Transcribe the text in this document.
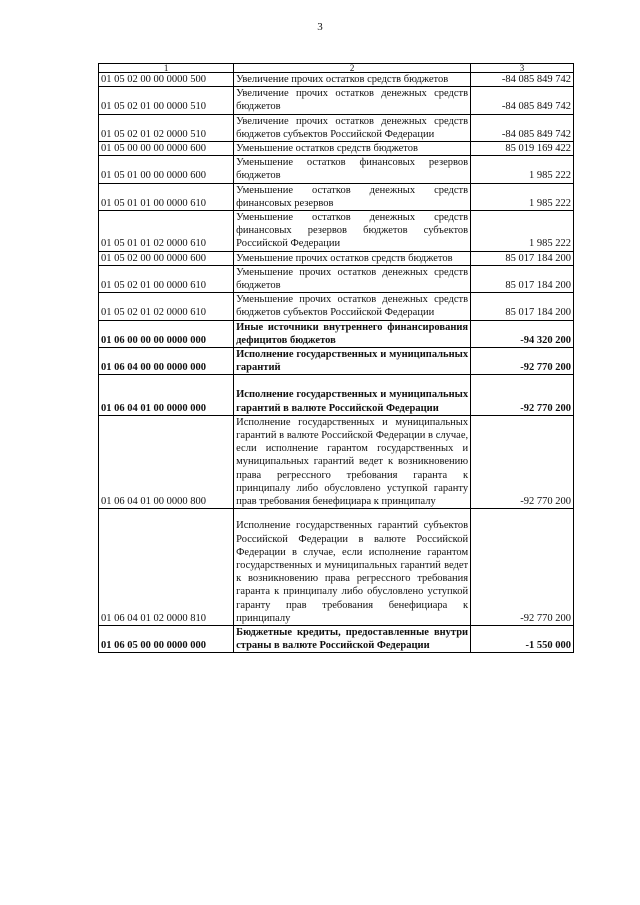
3
1	2	3
01 05 02 00 00 0000 500	Увеличение прочих остатков средств бюджетов	-84 085 849 742
01 05 02 01 00 0000 510	Увеличение прочих остатков денежных средств бюджетов	-84 085 849 742
01 05 02 01 02 0000 510	Увеличение прочих остатков денежных средств бюджетов субъектов Российской Федерации	-84 085 849 742
01 05 00 00 00 0000 600	Уменьшение остатков средств бюджетов	85 019 169 422
01 05 01 00 00 0000 600	Уменьшение остатков финансовых резервов бюджетов	1 985 222
01 05 01 01 00 0000 610	Уменьшение остатков денежных средств финансовых резервов	1 985 222
01 05 01 01 02 0000 610	Уменьшение остатков денежных средств финансовых резервов бюджетов субъектов Российской Федерации	1 985 222
01 05 02 00 00 0000 600	Уменьшение прочих остатков средств бюджетов	85 017 184 200
01 05 02 01 00 0000 610	Уменьшение прочих остатков денежных средств бюджетов	85 017 184 200
01 05 02 01 02 0000 610	Уменьшение прочих остатков денежных средств бюджетов субъектов Российской Федерации	85 017 184 200
01 06 00 00 00 0000 000	Иные источники внутреннего финансирования дефицитов бюджетов	-94 320 200
01 06 04 00 00 0000 000	Исполнение государственных и муниципальных гарантий	-92 770 200
01 06 04 01 00 0000 000	Исполнение государственных и муниципальных гарантий в валюте Российской Федерации	-92 770 200
01 06 04 01 00 0000 800	Исполнение государственных и муниципальных гарантий в валюте Российской Федерации в случае, если исполнение гарантом государственных и муниципальных гарантий ведет к возникновению права регрессного требования гаранта к принципалу либо обусловлено уступкой гаранту прав требования бенефициара к принципалу	-92 770 200
01 06 04 01 02 0000 810	Исполнение государственных гарантий субъектов Российской Федерации в валюте Российской Федерации в случае, если исполнение гарантом государственных и муниципальных гарантий ведет к возникновению права регрессного требования гаранта к принципалу либо обусловлено уступкой гаранту прав требования бенефициара к принципалу	-92 770 200
01 06 05 00 00 0000 000	Бюджетные кредиты, предоставленные внутри страны в валюте Российской Федерации	-1 550 000
